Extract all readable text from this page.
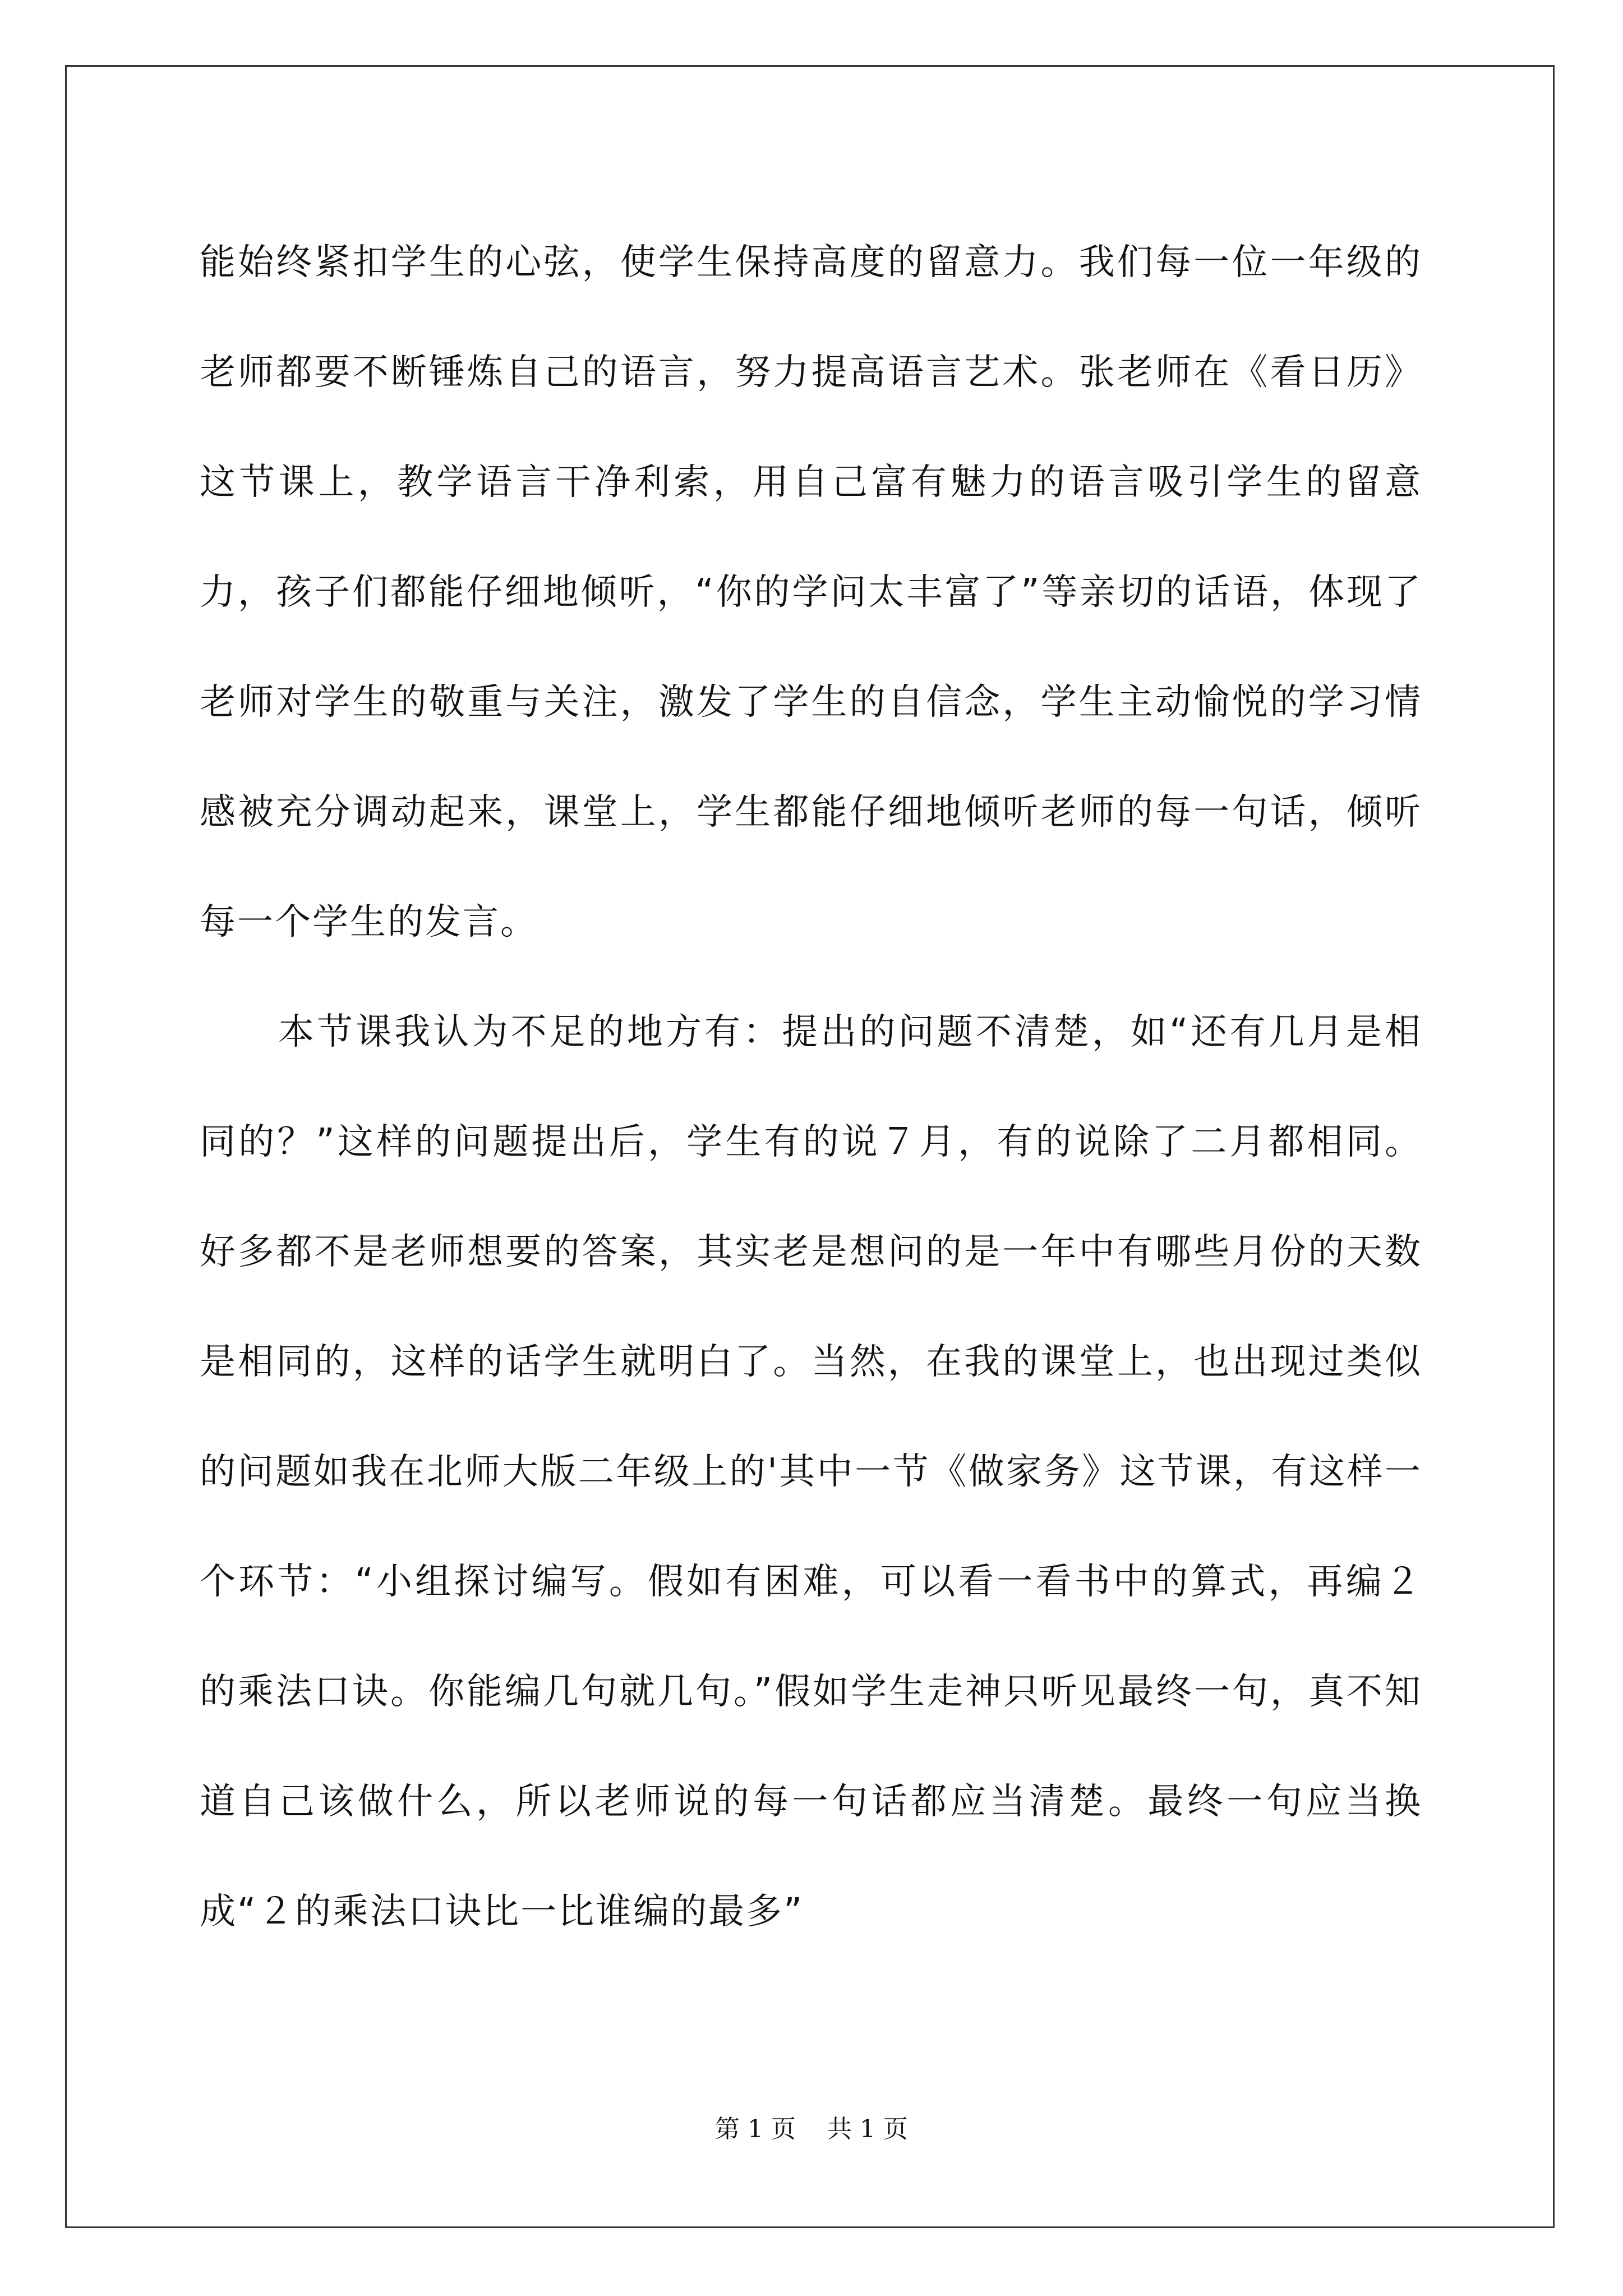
能始终紧扣学生的心弦，使学生保持高度的留意力。我们每一位一年级的老师都要不断锤炼自己的语言，努力提高语言艺术。张老师在《看日历》这节课上，教学语言干净利索，用自己富有魅力的语言吸引学生的留意力，孩子们都能仔细地倾听，“你的学问太丰富了”等亲切的话语，体现了老师对学生的敬重与关注，激发了学生的自信念，学生主动愉悦的学习情感被充分调动起来，课堂上，学生都能仔细地倾听老师的每一句话，倾听每一个学生的发言。

本节课我认为不足的地方有：提出的问题不清楚，如“还有几月是相同的？”这样的问题提出后，学生有的说７月，有的说除了二月都相同。好多都不是老师想要的答案，其实老是想问的是一年中有哪些月份的天数是相同的，这样的话学生就明白了。当然，在我的课堂上，也出现过类似的问题如我在北师大版二年级上的'其中一节《做家务》这节课，有这样一个环节：“小组探讨编写。假如有困难，可以看一看书中的算式，再编２的乘法口诀。你能编几句就几句。”假如学生走神只听见最终一句，真不知道自己该做什么，所以老师说的每一句话都应当清楚。最终一句应当换成“２的乘法口诀比一比谁编的最多”

第 1 页    共 1 页
